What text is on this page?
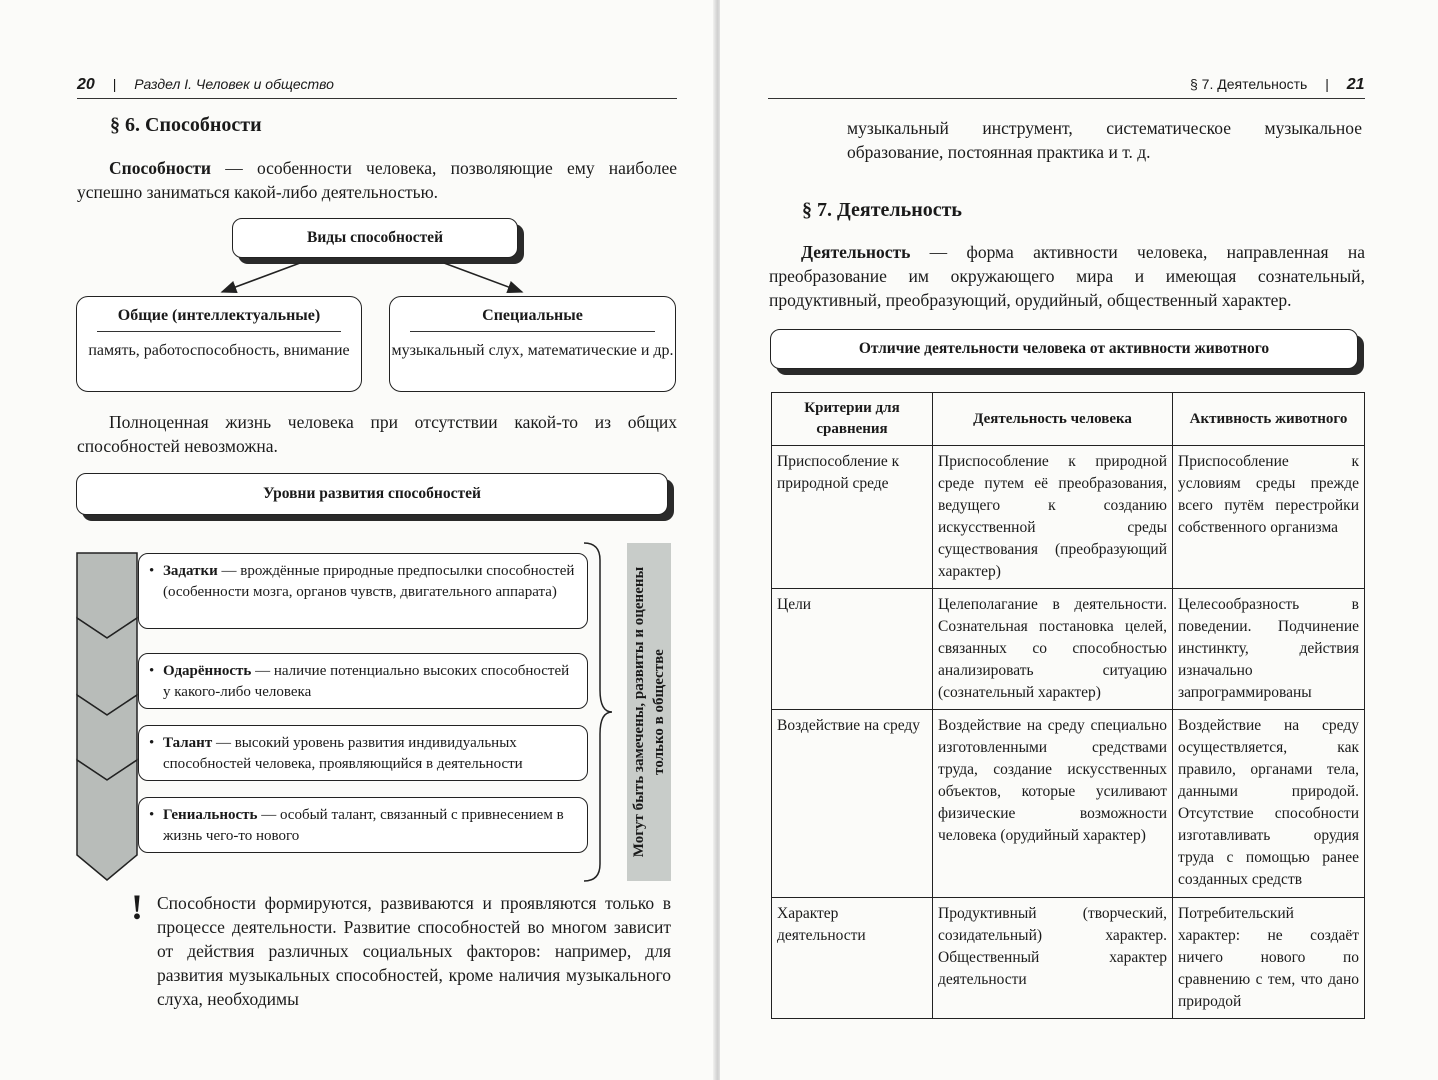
20 | Раздел I. Человек и общество
§ 6. Способности
Способности — особенности человека, позволяющие ему наиболее успешно заниматься какой-либо деятельностью.
Виды способностей
Общие (интеллектуальные)
память, работоспособность, внимание
Специальные
музыкальный слух, математические и др.
Полноценная жизнь человека при отсутствии какой-то из общих способностей невозможна.
Уровни развития способностей
• Задатки — врождённые природные предпосылки способностей (особенности мозга, органов чувств, двигательного аппарата)
• Одарённость — наличие потенциально высоких способностей у какого-либо человека
• Талант — высокий уровень развития индивидуальных способностей человека, проявляющийся в деятельности
• Гениальность — особый талант, связанный с привнесением в жизнь чего-то нового	Могут быть замечены, развиты и оценены только в обществе
! Способности формируются, развиваются и проявляются только в процессе деятельности. Развитие способностей во многом зависит от действия различных социальных факторов: например, для развития музыкальных способностей, кроме наличия музыкального слуха, необходимы
§ 7. Деятельность | 21
музыкальный инструмент, систематическое музыкальное образование, постоянная практика и т. д.
§ 7. Деятельность
Деятельность — форма активности человека, направленная на преобразование им окружающего мира и имеющая сознательный, продуктивный, преобразующий, орудийный, общественный характер.
Отличие деятельности человека от активности животного
Критерии для сравнения	Деятельность человека	Активность животного
Приспособление к природной среде	Приспособление к природной среде путем её преобразования, ведущего к созданию искусственной среды существования (преобразующий характер)	Приспособление к условиям среды прежде всего путём перестройки собственного организма
Цели	Целеполагание в деятельности. Сознательная постановка целей, связанных со способностью анализировать ситуацию (сознательный характер)	Целесообразность в поведении. Подчинение инстинкту, действия изначально запрограммированы
Воздействие на среду	Воздействие на среду специально изготовленными средствами труда, создание искусственных объектов, которые усиливают физические возможности человека (орудийный характер)	Воздействие на среду осуществляется, как правило, органами тела, данными природой. Отсутствие способности изготавливать орудия труда с помощью ранее созданных средств
Характер деятельности	Продуктивный (творческий, созидательный) характер. Общественный характер деятельности	Потребительский характер: не создаёт ничего нового по сравнению с тем, что дано природой
